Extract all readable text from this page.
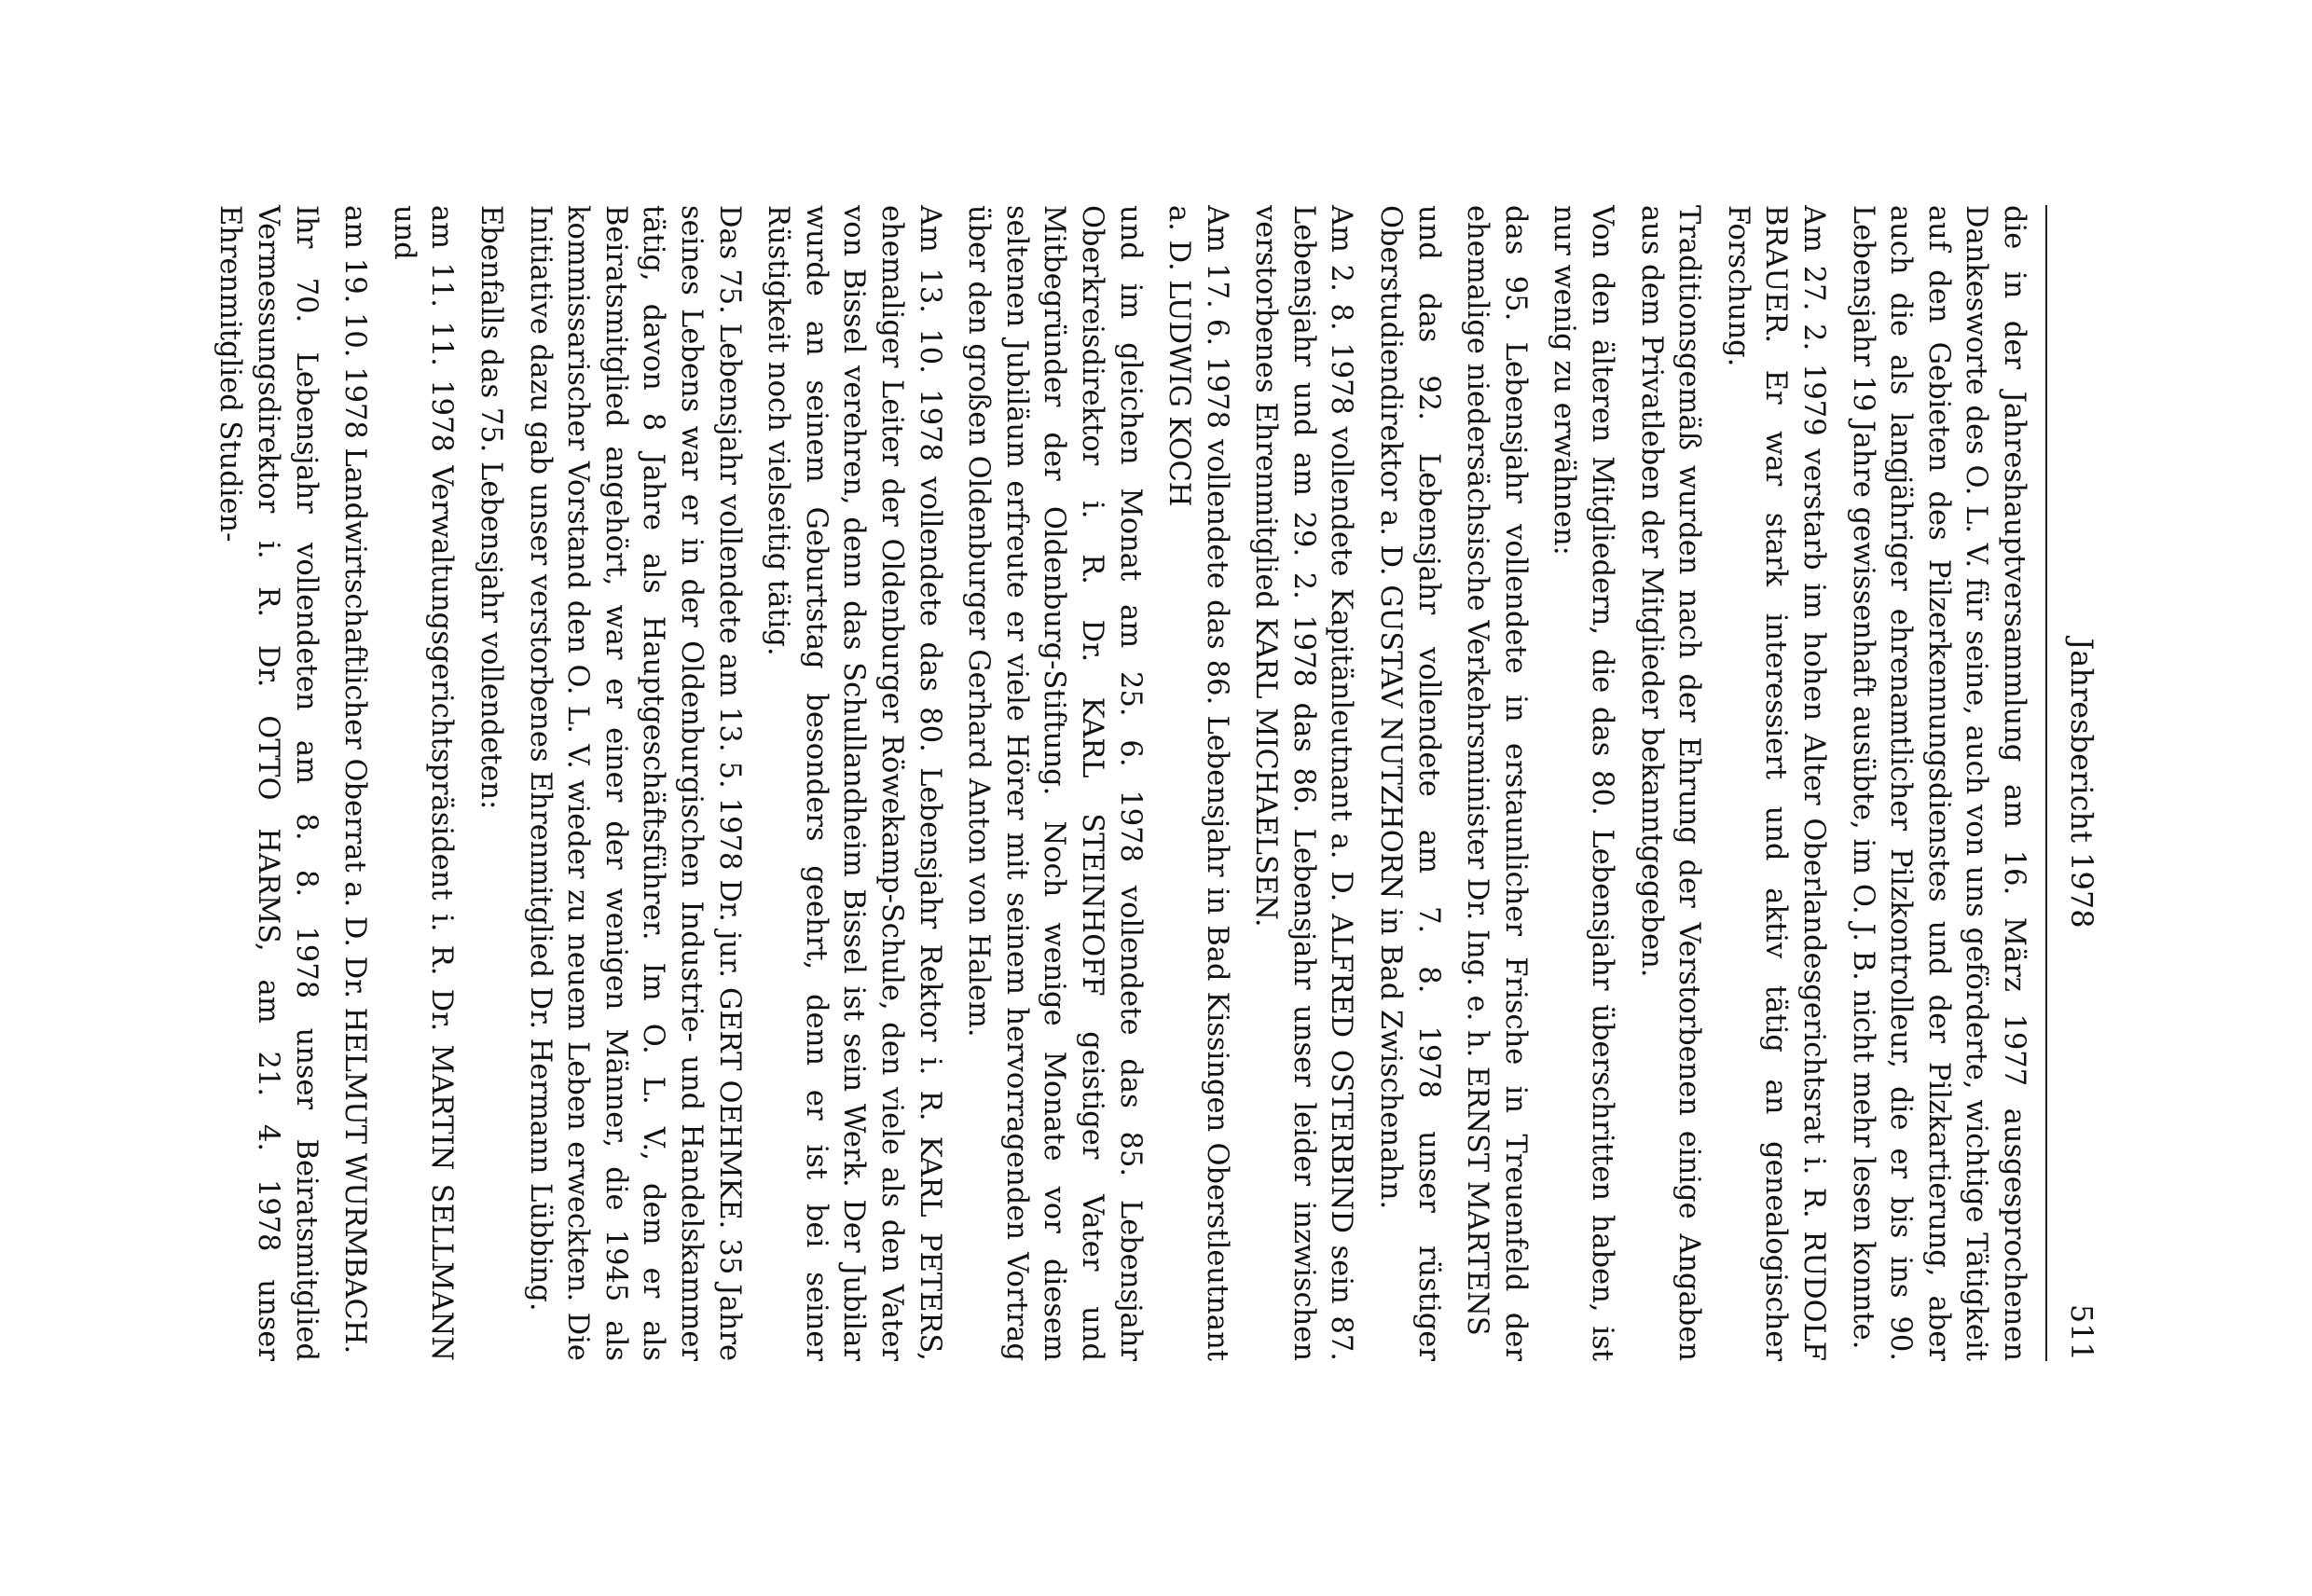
Jahresbericht 1978
511

die in der Jahreshauptversammlung am 16. März 1977 ausgesprochenen Dankesworte des O. L. V. für seine, auch von uns geförderte, wichtige Tätigkeit auf den Gebieten des Pilzerkennungsdienstes und der Pilzkartierung, aber auch die als langjähriger ehrenamtlicher Pilzkontrolleur, die er bis ins 90. Lebensjahr 19 Jahre gewissenhaft ausübte, im O. J. B. nicht mehr lesen konnte.

Am 27. 2. 1979 verstarb im hohen Alter Oberlandesgerichtsrat i. R. RUDOLF BRAUER. Er war stark interessiert und aktiv tätig an genealogischer Forschung.

Traditionsgemäß wurden nach der Ehrung der Verstorbenen einige Angaben aus dem Privatleben der Mitglieder bekanntgegeben.

Von den älteren Mitgliedern, die das 80. Lebensjahr überschritten haben, ist nur wenig zu erwähnen:

das 95. Lebensjahr vollendete in erstaunlicher Frische in Treuenfeld der ehemalige niedersächsische Verkehrsminister Dr. Ing. e. h. ERNST MARTENS

und das 92. Lebensjahr vollendete am 7. 8. 1978 unser rüstiger Oberstudiendirektor a. D. GUSTAV NUTZHORN in Bad Zwischenahn.

Am 2. 8. 1978 vollendete Kapitänleutnant a. D. ALFRED OSTERBIND sein 87. Lebensjahr und am 29. 2. 1978 das 86. Lebensjahr unser leider inzwischen verstorbenes Ehrenmitglied KARL MICHAELSEN.

Am 17. 6. 1978 vollendete das 86. Lebensjahr in Bad Kissingen Oberstleutnant a. D. LUDWIG KOCH

und im gleichen Monat am 25. 6. 1978 vollendete das 85. Lebensjahr Oberkreisdirektor i. R. Dr. KARL STEINHOFF geistiger Vater und Mitbegründer der Oldenburg-Stiftung. Noch wenige Monate vor diesem seltenen Jubiläum erfreute er viele Hörer mit seinem hervorragenden Vortrag über den großen Oldenburger Gerhard Anton von Halem.

Am 13. 10. 1978 vollendete das 80. Lebensjahr Rektor i. R. KARL PETERS, ehemaliger Leiter der Oldenburger Röwekamp-Schule, den viele als den Vater von Bissel verehren, denn das Schullandheim Bissel ist sein Werk. Der Jubilar wurde an seinem Geburtstag besonders geehrt, denn er ist bei seiner Rüstigkeit noch vielseitig tätig.

Das 75. Lebensjahr vollendete am 13. 5. 1978 Dr. jur. GERT OEHMKE. 35 Jahre seines Lebens war er in der Oldenburgischen Industrie- und Handelskammer tätig, davon 8 Jahre als Hauptgeschäftsführer. Im O. L. V., dem er als Beiratsmitglied angehört, war er einer der wenigen Männer, die 1945 als kommissarischer Vorstand den O. L. V. wieder zu neuem Leben erweckten. Die Initiative dazu gab unser verstorbenes Ehrenmitglied Dr. Hermann Lübbing.

Ebenfalls das 75. Lebensjahr vollendeten:

am 11. 11. 1978 Verwaltungsgerichtspräsident i. R. Dr. MARTIN SELLMANN und

am 19. 10. 1978 Landwirtschaftlicher Oberrat a. D. Dr. HELMUT WURMBACH.

Ihr 70. Lebensjahr vollendeten am 8. 8. 1978 unser Beiratsmitglied Vermessungsdirektor i. R. Dr. OTTO HARMS, am 21. 4. 1978 unser Ehrenmitglied Studien-
